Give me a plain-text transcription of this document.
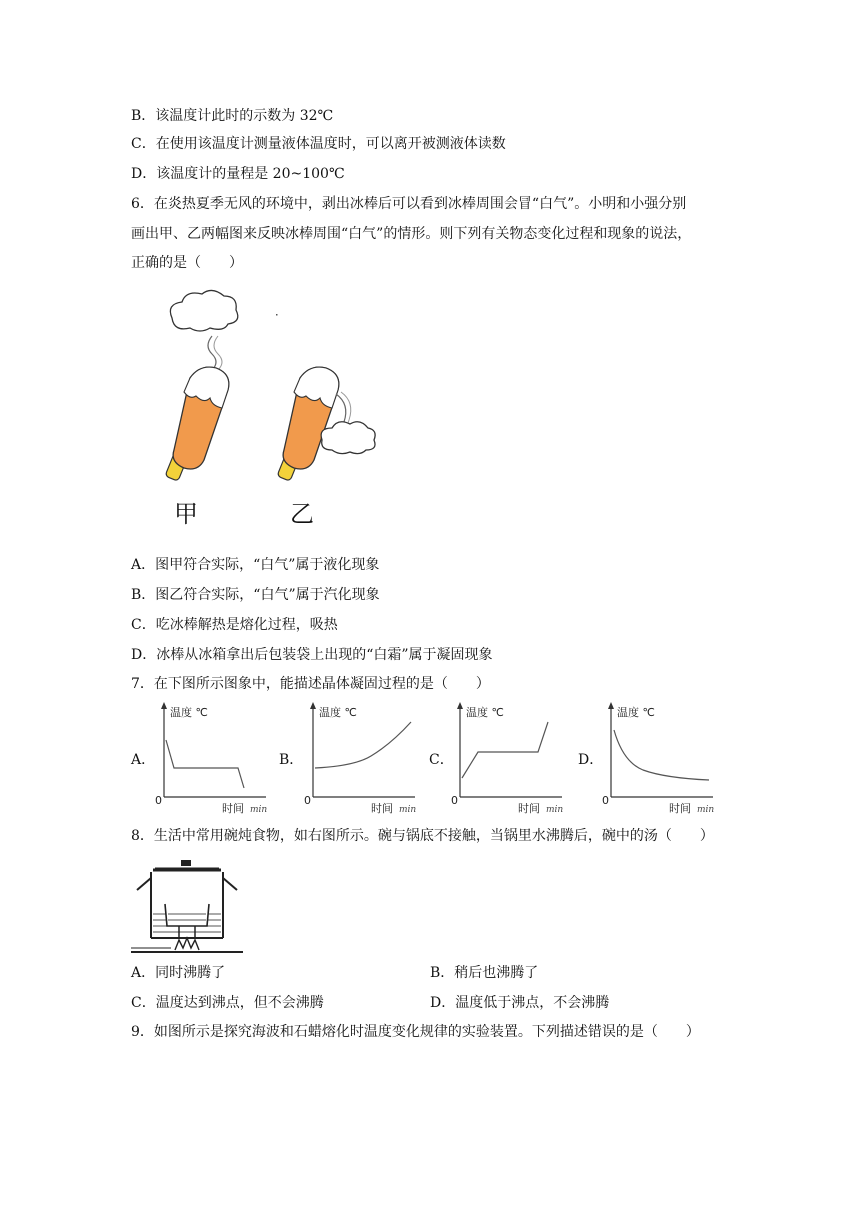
B．该温度计此时的示数为 32℃
C．在使用该温度计测量液体温度时，可以离开被测液体读数
D．该温度计的量程是 20~100℃
6．在炎热夏季无风的环境中，剥出冰棒后可以看到冰棒周围会冒“白气”。小明和小强分别
画出甲、乙两幅图来反映冰棒周围“白气”的情形。则下列有关物态变化过程和现象的说法，
正确的是（　　）
甲	乙
A．图甲符合实际，“白气”属于液化现象
B．图乙符合实际，“白气”属于汽化现象
C．吃冰棒解热是熔化过程，吸热
D．冰棒从冰箱拿出后包装袋上出现的“白霜”属于凝固现象
7．在下图所示图象中，能描述晶体凝固过程的是（　　）
A．	B．	C．	D．
温度 ℃
时间 min
0
温度 ℃
时间 min
0
温度 ℃
时间 min
0
温度 ℃
时间 min
0
8．生活中常用碗炖食物，如右图所示。碗与锅底不接触，当锅里水沸腾后，碗中的汤（　　）
A．同时沸腾了	B．稍后也沸腾了
C．温度达到沸点，但不会沸腾	D．温度低于沸点，不会沸腾
9．如图所示是探究海波和石蜡熔化时温度变化规律的实验装置。下列描述错误的是（　　）
